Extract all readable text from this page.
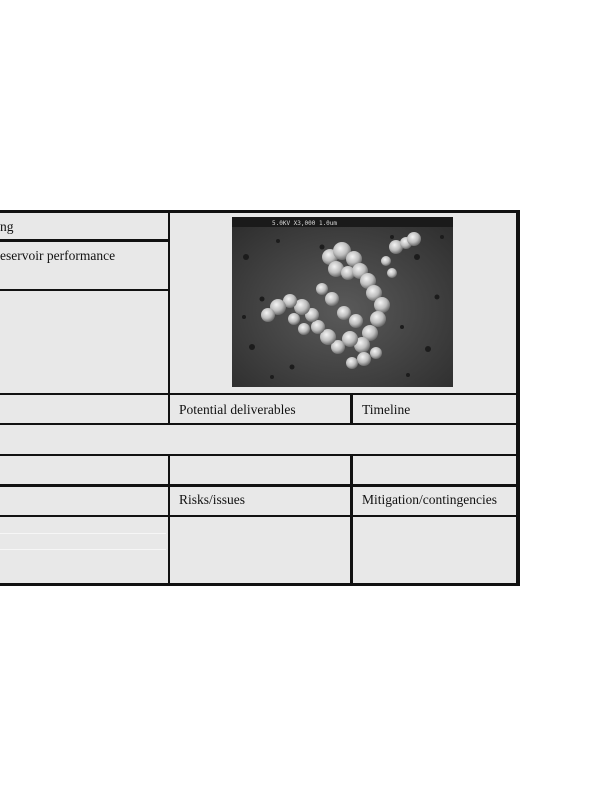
ng
eservoir performance
Potential deliverables	Timeline
Risks/issues	Mitigation/contingencies
5.0KV X3,000 1.0um
